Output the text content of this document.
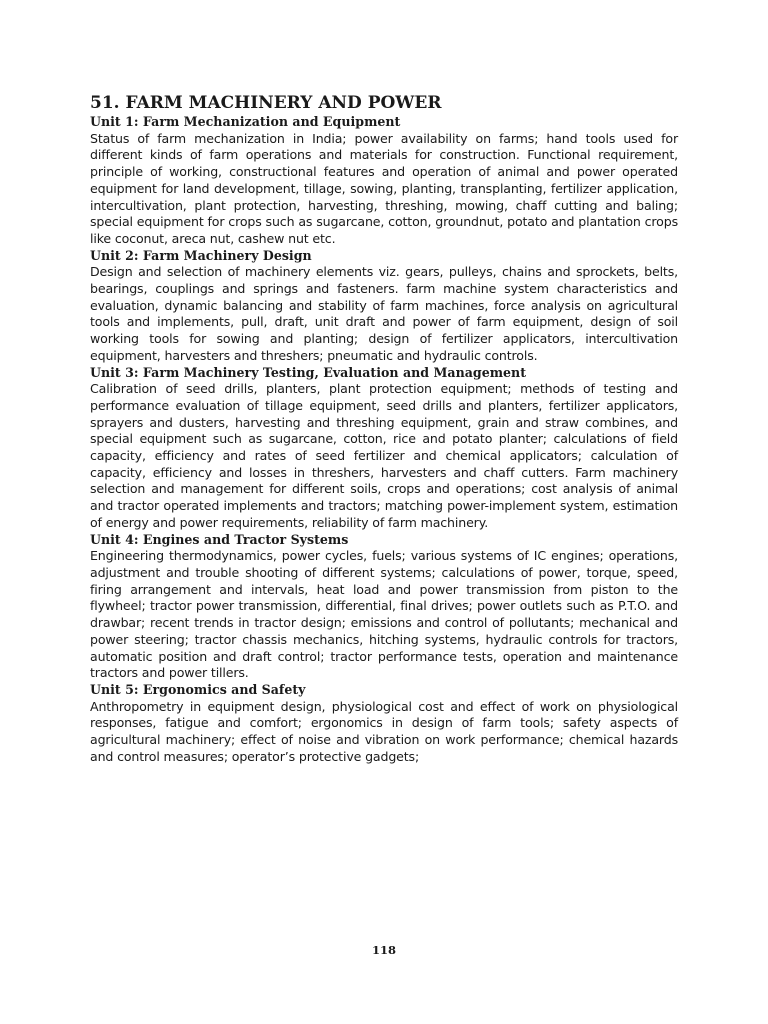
51. FARM MACHINERY AND POWER
Unit 1: Farm Mechanization and Equipment

Status of farm mechanization in India; power availability on farms; hand tools used for different kinds of farm operations and materials for construction. Functional requirement, principle of working, constructional features and operation of animal and power operated equipment for land development, tillage, sowing, planting, transplanting, fertilizer application, intercultivation, plant protection, harvesting, threshing, mowing, chaff cutting and baling; special equipment for crops such as sugarcane, cotton, groundnut, potato and plantation crops like coconut, areca nut, cashew nut etc.

Unit 2: Farm Machinery Design

Design and selection of machinery elements viz. gears, pulleys, chains and sprockets, belts, bearings, couplings and springs and fasteners. farm machine system characteristics and evaluation, dynamic balancing and stability of farm machines, force analysis on agricultural tools and implements, pull, draft, unit draft and power of farm equipment, design of soil working tools for sowing and planting; design of fertilizer applicators, intercultivation equipment, harvesters and threshers; pneumatic and hydraulic controls.

Unit 3: Farm Machinery Testing, Evaluation and Management

Calibration of seed drills, planters, plant protection equipment; methods of testing and performance evaluation of tillage equipment, seed drills and planters, fertilizer applicators, sprayers and dusters, harvesting and threshing equipment, grain and straw combines, and special equipment such as sugarcane, cotton, rice and potato planter; calculations of field capacity, efficiency and rates of seed fertilizer and chemical applicators; calculation of capacity, efficiency and losses in threshers, harvesters and chaff cutters. Farm machinery selection and management for different soils, crops and operations; cost analysis of animal and tractor operated implements and tractors; matching power-implement system, estimation of energy and power requirements, reliability of farm machinery.

Unit 4: Engines and Tractor Systems

Engineering thermodynamics, power cycles, fuels; various systems of IC engines; operations, adjustment and trouble shooting of different systems; calculations of power, torque, speed, firing arrangement and intervals, heat load and power transmission from piston to the flywheel; tractor power transmission, differential, final drives; power outlets such as P.T.O. and drawbar; recent trends in tractor design; emissions and control of pollutants; mechanical and power steering; tractor chassis mechanics, hitching systems, hydraulic controls for tractors, automatic position and draft control; tractor performance tests, operation and maintenance tractors and power tillers.

Unit 5: Ergonomics and Safety

Anthropometry in equipment design, physiological cost and effect of work on physiological responses, fatigue and comfort; ergonomics in design of farm tools; safety aspects of agricultural machinery; effect of noise and vibration on work performance; chemical hazards and control measures; operator’s protective gadgets;

118
